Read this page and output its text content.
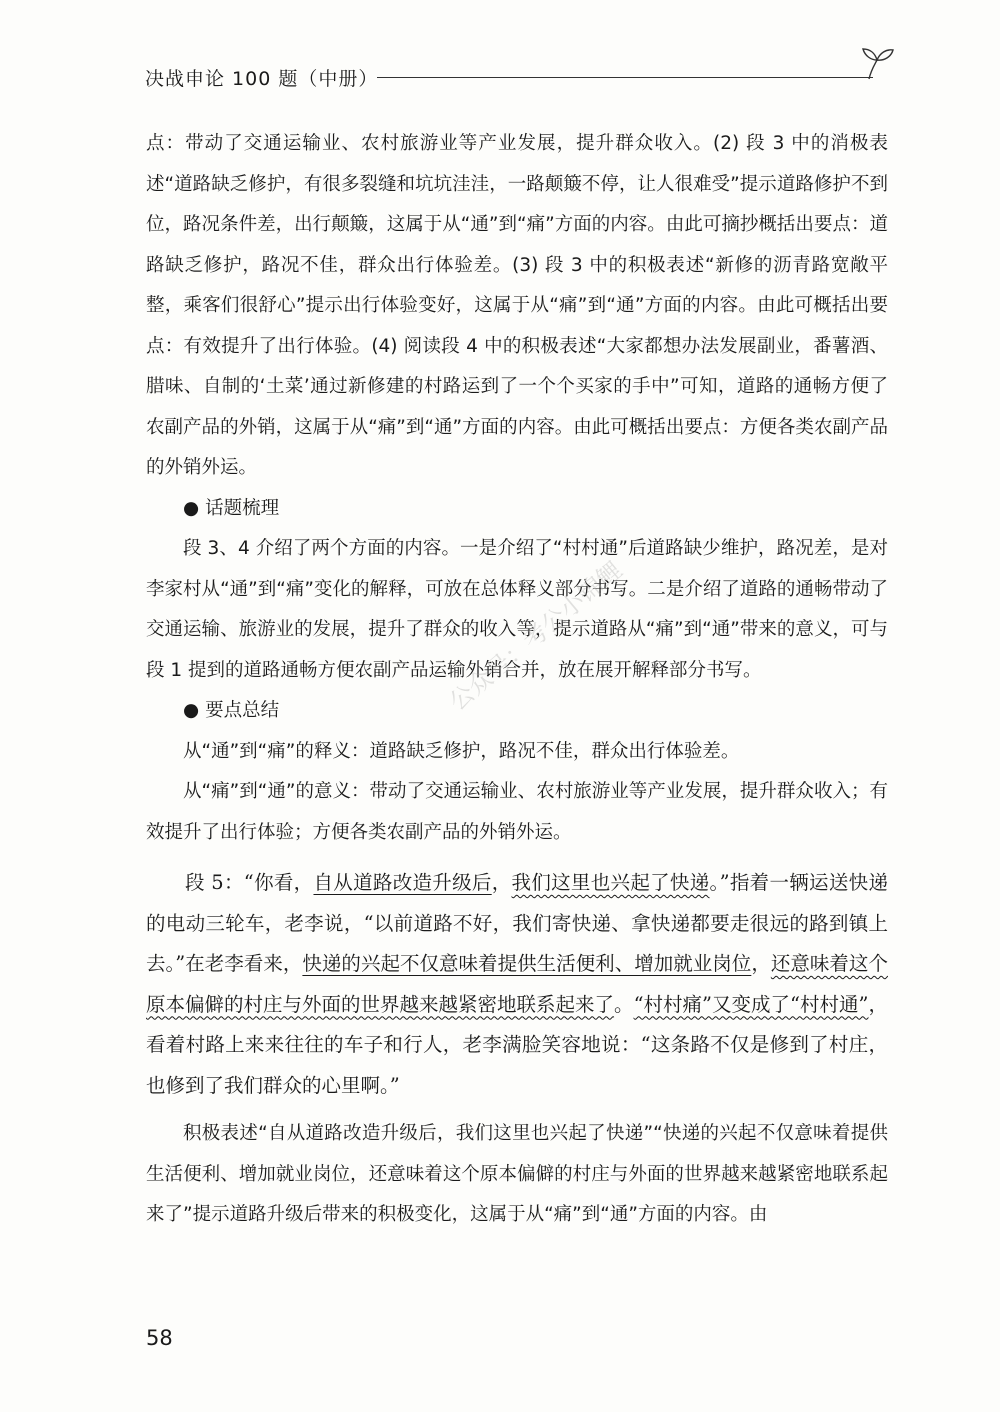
决战申论 100 题（中册）

点：带动了交通运输业、农村旅游业等产业发展，提升群众收入。(2) 段 3 中的消极表述“道路缺乏修护，有很多裂缝和坑坑洼洼，一路颠簸不停，让人很难受”提示道路修护不到位，路况条件差，出行颠簸，这属于从“通”到“痛”方面的内容。由此可摘抄概括出要点：道路缺乏修护，路况不佳，群众出行体验差。(3) 段 3 中的积极表述“新修的沥青路宽敞平整，乘客们很舒心”提示出行体验变好，这属于从“痛”到“通”方面的内容。由此可概括出要点：有效提升了出行体验。(4) 阅读段 4 中的积极表述“大家都想办法发展副业，番薯酒、腊味、自制的‘土菜’通过新修建的村路运到了一个个买家的手中”可知，道路的通畅方便了农副产品的外销，这属于从“痛”到“通”方面的内容。由此可概括出要点：方便各类农副产品的外销外运。

● 话题梳理

段 3、4 介绍了两个方面的内容。一是介绍了“村村通”后道路缺少维护，路况差，是对李家村从“通”到“痛”变化的解释，可放在总体释义部分书写。二是介绍了道路的通畅带动了交通运输、旅游业的发展，提升了群众的收入等，提示道路从“痛”到“通”带来的意义，可与段 1 提到的道路通畅方便农副产品运输外销合并，放在展开解释部分书写。

● 要点总结

从“通”到“痛”的释义：道路缺乏修护，路况不佳，群众出行体验差。

从“痛”到“通”的意义：带动了交通运输业、农村旅游业等产业发展，提升群众收入；有效提升了出行体验；方便各类农副产品的外销外运。

段 5：“你看，自从道路改造升级后，我们这里也兴起了快递。”指着一辆运送快递的电动三轮车，老李说，“以前道路不好，我们寄快递、拿快递都要走很远的路到镇上去。”在老李看来，快递的兴起不仅意味着提供生活便利、增加就业岗位，还意味着这个原本偏僻的村庄与外面的世界越来越紧密地联系起来了。“村村痛”又变成了“村村通”，看着村路上来来往往的车子和行人，老李满脸笑容地说：“这条路不仅是修到了村庄，也修到了我们群众的心里啊。”

积极表述“自从道路改造升级后，我们这里也兴起了快递”“快递的兴起不仅意味着提供生活便利、增加就业岗位，还意味着这个原本偏僻的村庄与外面的世界越来越紧密地联系起来了”提示道路升级后带来的积极变化，这属于从“痛”到“通”方面的内容。由

公众号：考公小锦鲤
58
